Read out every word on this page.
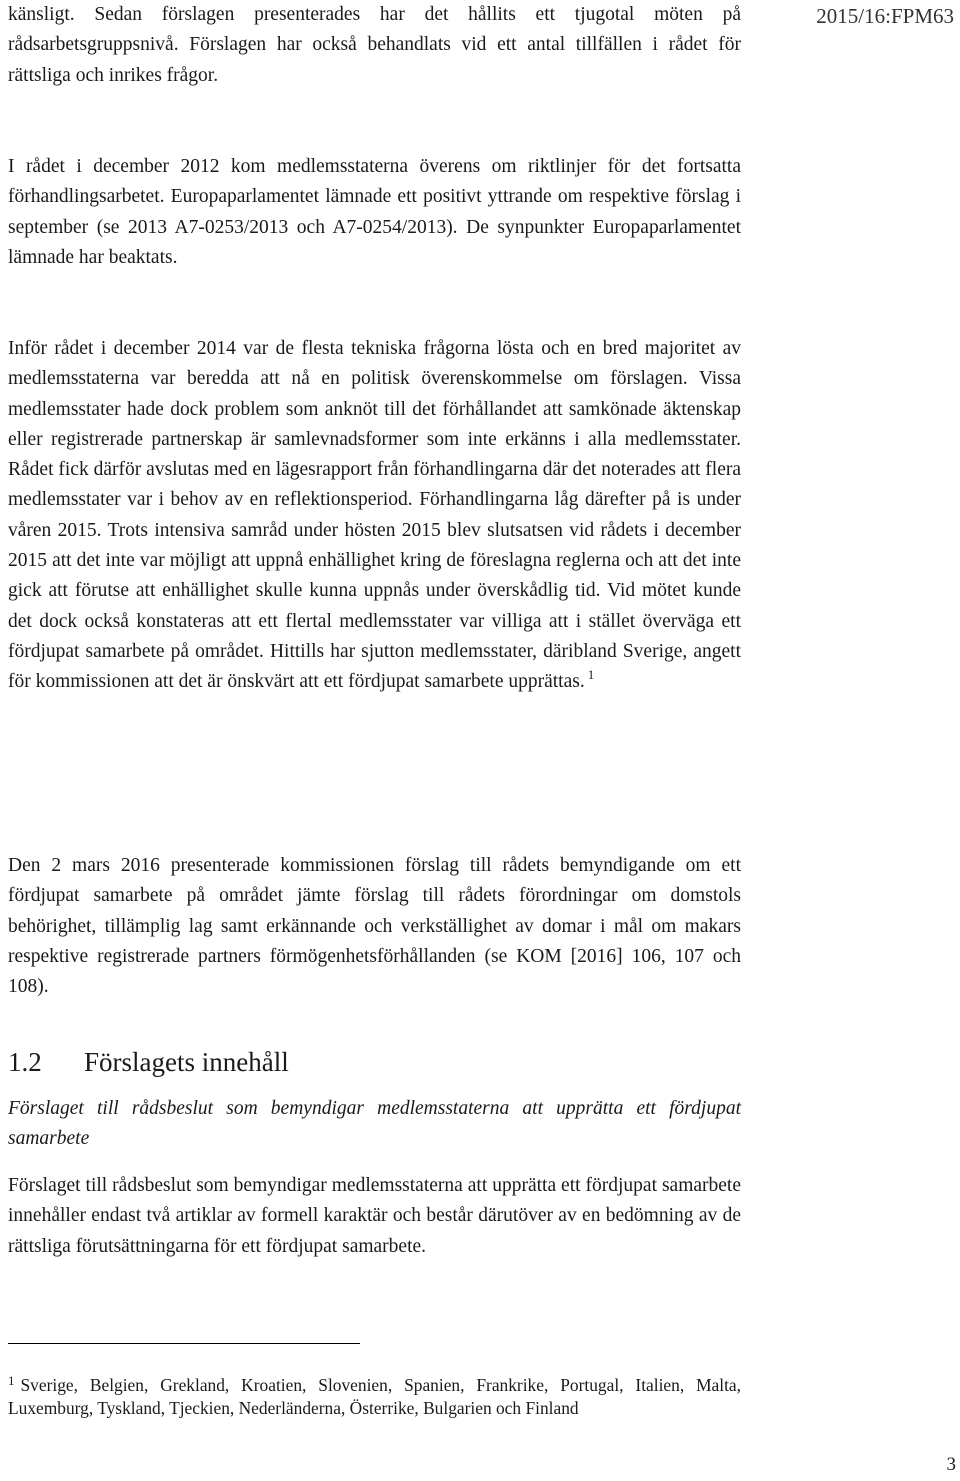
2015/16:FPM63

känsligt. Sedan förslagen presenterades har det hållits ett tjugotal möten på rådsarbetsgruppsnivå. Förslagen har också behandlats vid ett antal tillfällen i rådet för rättsliga och inrikes frågor.

I rådet i december 2012 kom medlemsstaterna överens om riktlinjer för det fortsatta förhandlingsarbetet. Europaparlamentet lämnade ett positivt yttrande om respektive förslag i september (se 2013 A7-0253/2013 och A7-0254/2013). De synpunkter Europaparlamentet lämnade har beaktats.

Inför rådet i december 2014 var de flesta tekniska frågorna lösta och en bred majoritet av medlemsstaterna var beredda att nå en politisk överenskommelse om förslagen. Vissa medlemsstater hade dock problem som anknöt till det förhållandet att samkönade äktenskap eller registrerade partnerskap är samlevnadsformer som inte erkänns i alla medlemsstater. Rådet fick därför avslutas med en lägesrapport från förhandlingarna där det noterades att flera medlemsstater var i behov av en reflektionsperiod. Förhandlingarna låg därefter på is under våren 2015. Trots intensiva samråd under hösten 2015 blev slutsatsen vid rådets i december 2015 att det inte var möjligt att uppnå enhällighet kring de föreslagna reglerna och att det inte gick att förutse att enhällighet skulle kunna uppnås under överskådlig tid. Vid mötet kunde det dock också konstateras att ett flertal medlemsstater var villiga att i stället överväga ett fördjupat samarbete på området. Hittills har sjutton medlemsstater, däribland Sverige, angett för kommissionen att det är önskvärt att ett fördjupat samarbete upprättas. $^1$

Den 2 mars 2016 presenterade kommissionen förslag till rådets bemyndigande om ett fördjupat samarbete på området jämte förslag till rådets förordningar om domstols behörighet, tillämplig lag samt erkännande och verkställighet av domar i mål om makars respektive registrerade partners förmögenhetsförhållanden (se KOM [2016] 106, 107 och 108).

1.2 Förslagets innehåll

Förslaget till rådsbeslut som bemyndigar medlemsstaterna att upprätta ett fördjupat samarbete

Förslaget till rådsbeslut som bemyndigar medlemsstaterna att upprätta ett fördjupat samarbete innehåller endast två artiklar av formell karaktär och består därutöver av en bedömning av de rättsliga förutsättningarna för ett fördjupat samarbete.

$^1$ Sverige, Belgien, Grekland, Kroatien, Slovenien, Spanien, Frankrike, Portugal, Italien, Malta, Luxemburg, Tyskland, Tjeckien, Nederländerna, Österrike, Bulgarien och Finland

3
